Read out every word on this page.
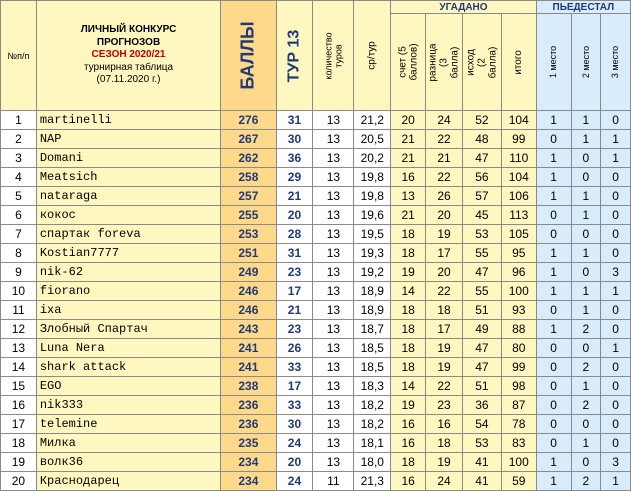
№п/п	ЛИЧНЫЙ КОНКУРС
ПРОГНОЗОВ
СЕЗОН 2020/21
турнирная таблица
(07.11.2020 г.)	БАЛЛЫ	ТУР 13	количество туров	ср/тур	УГАДАНО				ПЬЕДЕСТАЛ		

						счет (5 баллов)	разница (3 балла)	исход (2 балла)	итого	1 место	2 место	3 место

1	martinelli	276	31	13	21,2	20	24	52	104	1	1	0
2	NAP	267	30	13	20,5	21	22	48	99	0	1	1
3	Domani	262	36	13	20,2	21	21	47	110	1	0	1
4	Meatsich	258	29	13	19,8	16	22	56	104	1	0	0
5	nataraga	257	21	13	19,8	13	26	57	106	1	1	0
6	кокос	255	20	13	19,6	21	20	45	113	0	1	0
7	спартак foreva	253	28	13	19,5	18	19	53	105	0	0	0
8	Kostian7777	251	31	13	19,3	18	17	55	95	1	1	0
9	nik-62	249	23	13	19,2	19	20	47	96	1	0	3
10	fiorano	246	17	13	18,9	14	22	55	100	1	1	1
11	ixa	246	21	13	18,9	18	18	51	93	0	1	0
12	Злобный Спартач	243	23	13	18,7	18	17	49	88	1	2	0
13	Luna Nera	241	26	13	18,5	18	19	47	80	0	0	1
14	shark attack	241	33	13	18,5	18	19	47	99	0	2	0
15	EGO	238	17	13	18,3	14	22	51	98	0	1	0
16	nik333	236	33	13	18,2	19	23	36	87	0	2	0
17	telemine	236	30	13	18,2	16	16	54	78	0	0	0
18	Милка	235	24	13	18,1	16	18	53	83	0	1	0
19	волк36	234	20	13	18,0	18	19	41	100	1	0	3
20	Краснодарец	234	24	11	21,3	16	24	41	59	1	2	1
